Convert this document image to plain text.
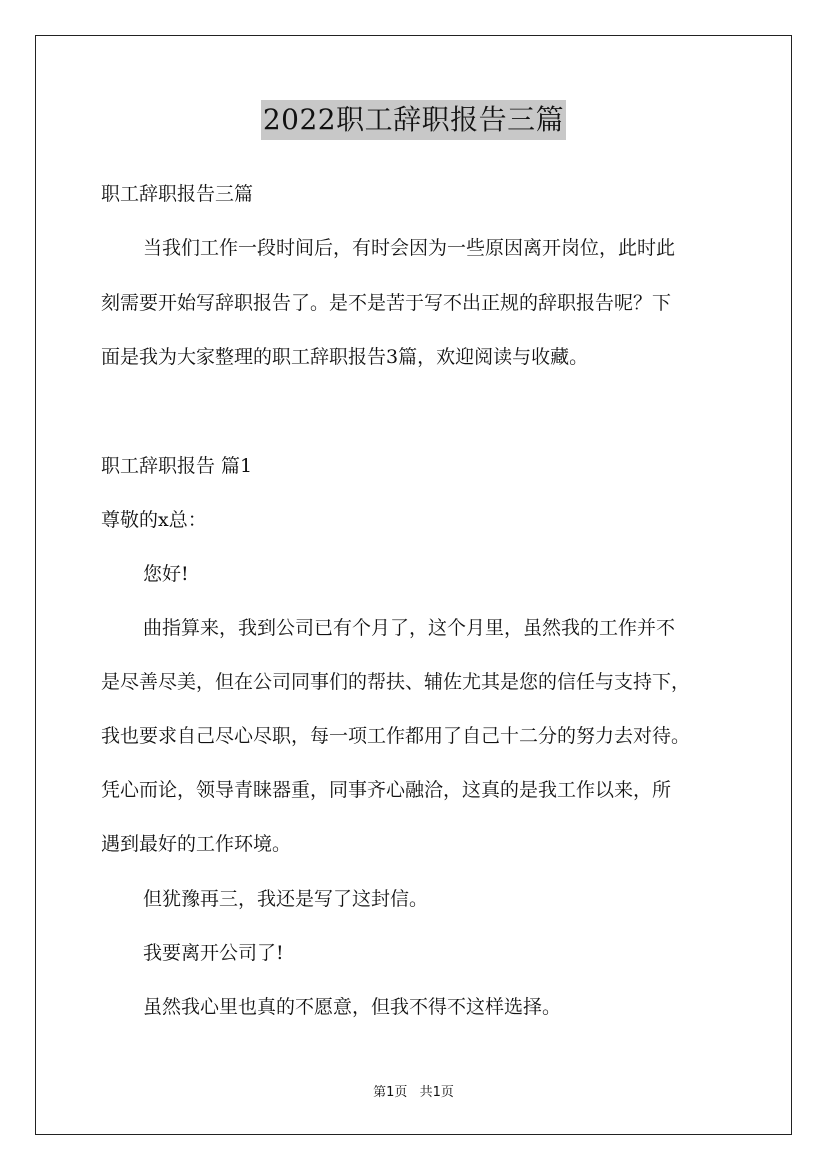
2022职工辞职报告三篇
职工辞职报告三篇
当我们工作一段时间后，有时会因为一些原因离开岗位，此时此
刻需要开始写辞职报告了。是不是苦于写不出正规的辞职报告呢？下
面是我为大家整理的职工辞职报告3篇，欢迎阅读与收藏。
职工辞职报告 篇1
尊敬的x总：
您好!
曲指算来，我到公司已有个月了，这个月里，虽然我的工作并不
是尽善尽美，但在公司同事们的帮扶、辅佐尤其是您的信任与支持下，
我也要求自己尽心尽职，每一项工作都用了自己十二分的努力去对待。
凭心而论，领导青睐器重，同事齐心融洽，这真的是我工作以来，所
遇到最好的工作环境。
但犹豫再三，我还是写了这封信。
我要离开公司了!
虽然我心里也真的不愿意，但我不得不这样选择。
第1页 共1页
